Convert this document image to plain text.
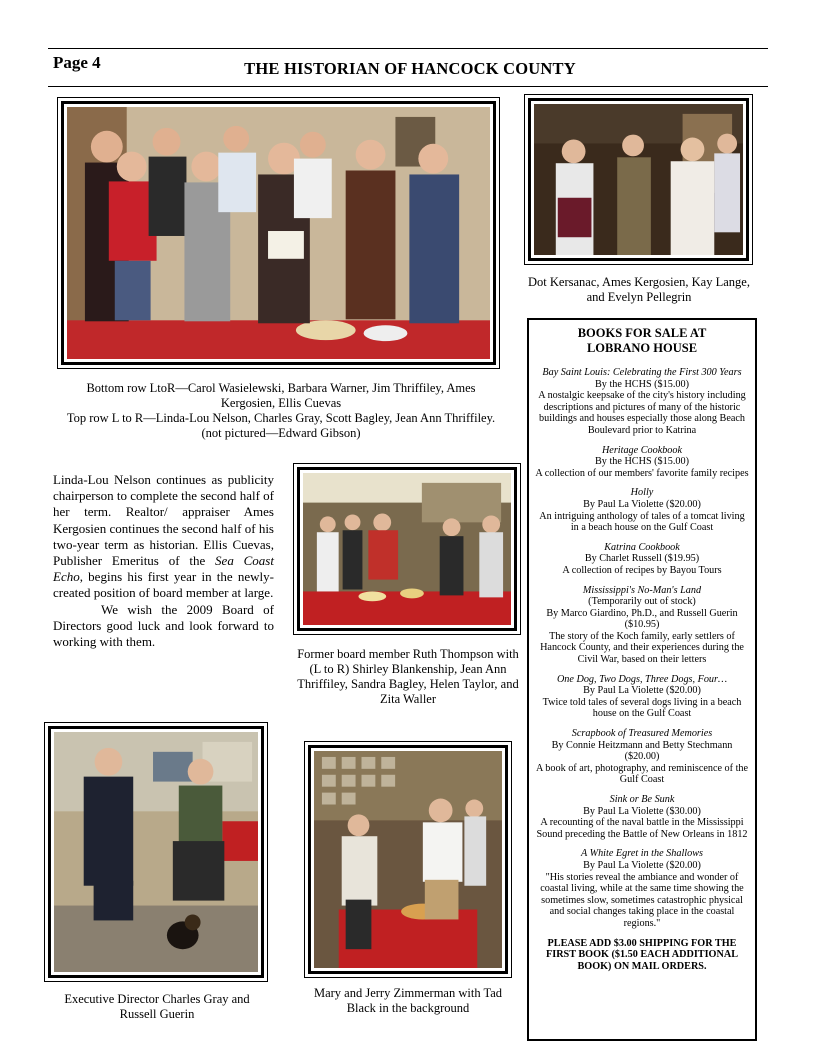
Page 4	THE HISTORIAN OF HANCOCK COUNTY
Bottom row LtoR—Carol Wasielewski, Barbara Warner, Jim Thriffiley, Ames Kergosien, Ellis Cuevas
Top row L to R—Linda-Lou Nelson, Charles Gray, Scott Bagley, Jean Ann Thriffiley. (not pictured—Edward Gibson)
Dot Kersanac, Ames Kergosien, Kay Lange, and Evelyn Pellegrin

Linda-Lou Nelson continues as publicity chairperson to complete the second half of her term. Realtor/ appraiser Ames Kergosien continues the second half of his two-year term as historian. Ellis Cuevas, Publisher Emeritus of the Sea Coast Echo, begins his first year in the newly-created position of board member at large.

We wish the 2009 Board of Directors good luck and look forward to working with them.

Former board member Ruth Thompson with (L to R) Shirley Blankenship, Jean Ann Thriffiley, Sandra Bagley, Helen Taylor, and Zita Waller
Executive Director Charles Gray and Russell Guerin
Mary and Jerry Zimmerman with Tad Black in the background
BOOKS FOR SALE AT
LOBRANO HOUSE
Bay Saint Louis: Celebrating the First 300 Years
By the HCHS ($15.00)
A nostalgic keepsake of the city's history including descriptions and pictures of many of the historic buildings and houses especially those along Beach Boulevard prior to Katrina
Heritage Cookbook
By the HCHS ($15.00)
A collection of our members' favorite family recipes
Holly
By Paul La Violette ($20.00)
An intriguing anthology of tales of a tomcat living in a beach house on the Gulf Coast
Katrina Cookbook
By Charlet Russell ($19.95)
A collection of recipes by Bayou Tours
Mississippi's No-Man's Land
(Temporarily out of stock)
By Marco Giardino, Ph.D., and Russell Guerin ($10.95)
The story of the Koch family, early settlers of Hancock County, and their experiences during the Civil War, based on their letters
One Dog, Two Dogs, Three Dogs, Four…
By Paul La Violette ($20.00)
Twice told tales of several dogs living in a beach house on the Gulf Coast
Scrapbook of Treasured Memories
By Connie Heitzmann and Betty Stechmann ($20.00)
A book of art, photography, and reminiscence of the Gulf Coast
Sink or Be Sunk
By Paul La Violette ($30.00)
A recounting of the naval battle in the Mississippi Sound preceding the Battle of New Orleans in 1812
A White Egret in the Shallows
By Paul La Violette ($20.00)
"His stories reveal the ambiance and wonder of coastal living, while at the same time showing the sometimes slow, sometimes catastrophic physical and social changes taking place in the coastal regions."
PLEASE ADD $3.00 SHIPPING FOR THE FIRST BOOK ($1.50 EACH ADDITIONAL BOOK) ON MAIL ORDERS.
